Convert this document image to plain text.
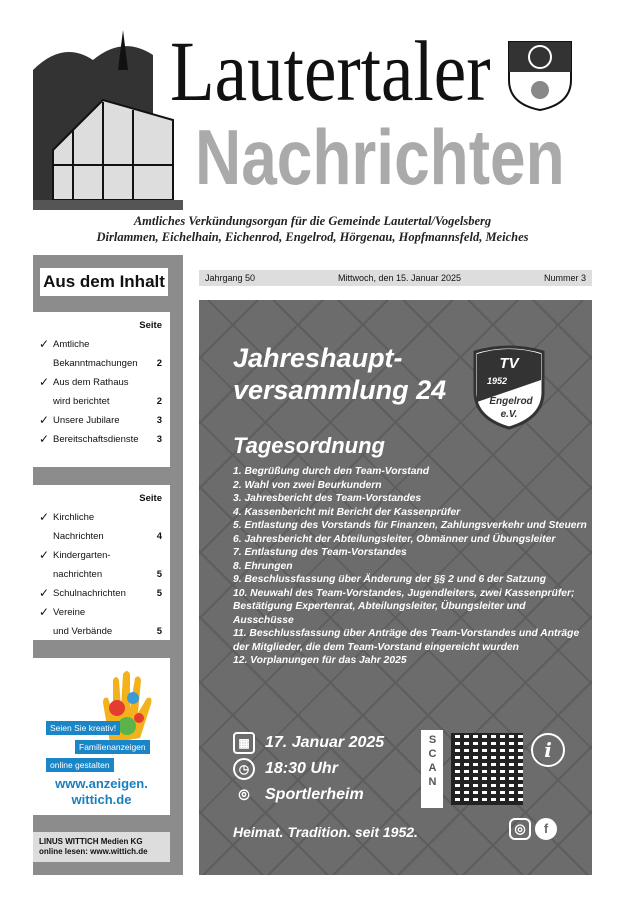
Lautertaler
Nachrichten
Amtliches Verkündungsorgan für die Gemeinde Lautertal/Vogelsberg
Dirlammen, Eichelhain, Eichenrod, Engelrod, Hörgenau, Hopfmannsfeld, Meiches
Aus dem Inhalt
Seite
✓ Amtliche
Bekanntmachungen	2
✓ Aus dem Rathaus
wird berichtet	2
✓ Unsere Jubilare	3
✓ Bereitschaftsdienste	3
Seite
✓ Kirchliche
Nachrichten	4
✓ Kindergarten-
nachrichten	5
✓ Schulnachrichten	5
✓ Vereine
und Verbände	5
Seien Sie kreativ!
Familienanzeigen
online gestalten
www.anzeigen.
wittich.de
LINUS WITTICH Medien KG
online lesen: www.wittich.de
Jahrgang 50	Mittwoch, den 15. Januar 2025	Nummer 3
Jahreshaupt-
versammlung 24
TV
1952
Engelrod
e.V.
Tagesordnung
1. Begrüßung durch den Team-Vorstand
2. Wahl von zwei Beurkundern
3. Jahresbericht des Team-Vorstandes
4. Kassenbericht mit Bericht der Kassenprüfer
5. Entlastung des Vorstands für Finanzen, Zahlungsverkehr und Steuern
6. Jahresbericht der Abteilungsleiter, Obmänner und Übungsleiter
7. Entlastung des Team-Vorstandes
8. Ehrungen
9. Beschlussfassung über Änderung der §§ 2 und 6 der Satzung
10. Neuwahl des Team-Vorstandes, Jugendleiters, zwei Kassenprüfer; Bestätigung Expertenrat, Abteilungsleiter, Übungsleiter und Ausschüsse
11. Beschlussfassung über Anträge des Team-Vorstandes und Anträge der Mitglieder, die dem Team-Vorstand eingereicht wurden
12. Vorplanungen für das Jahr 2025
▦ 17. Januar 2025
◷ 18:30 Uhr
⌾ Sportlerheim
SCAN	i
Heimat. Tradition. seit 1952.	◎	f
